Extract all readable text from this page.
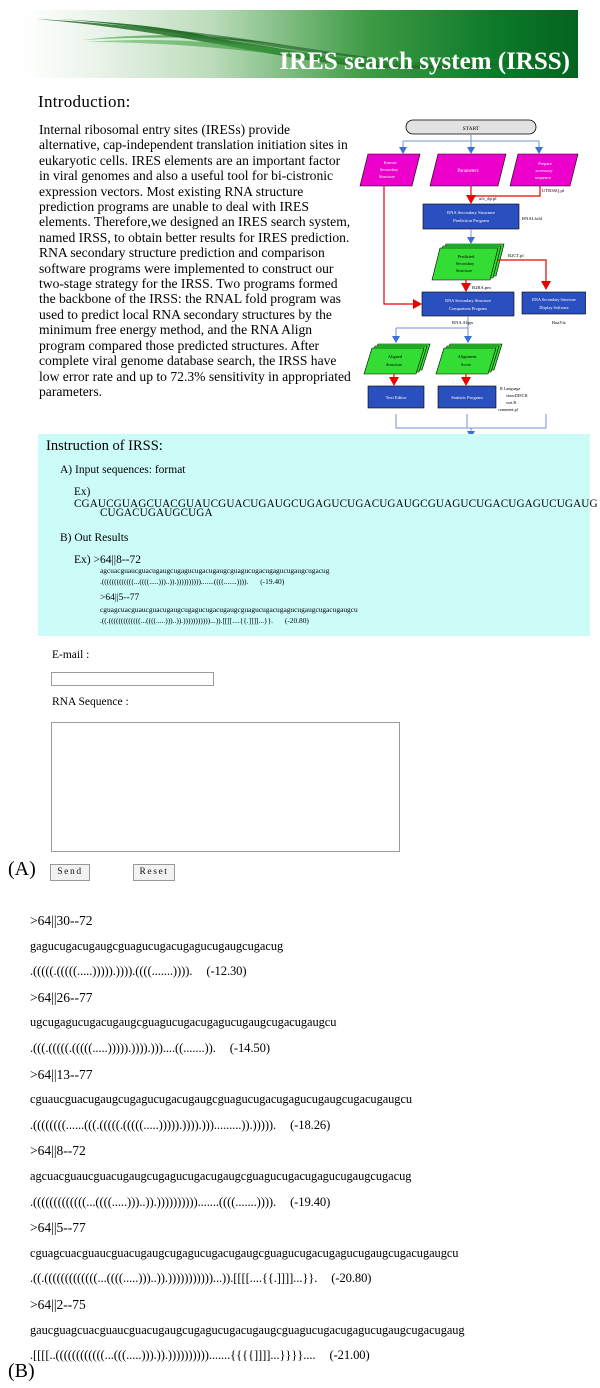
IRES search system (IRSS)
Introduction:
Internal ribosomal entry sites (IRESs) provide alternative, cap-independent translation initiation sites in eukaryotic cells. IRES elements are an important factor in viral genomes and also a useful tool for bi-cistronic expression vectors. Most existing RNA structure prediction programs are unable to deal with IRES elements. Therefore,we designed an IRES search system, named IRSS, to obtain better results for IRES prediction. RNA secondary structure prediction and comparison software programs were implemented to construct our two-stage strategy for the IRSS. Two programs formed the backbone of the IRSS: the RNAL fold program was used to predict local RNA secondary structures by the minimum free energy method, and the RNA Align program compared those predicted structures. After complete viral genome database search, the IRSS have low error rate and up to 72.3% sensitivity in appropriated parameters.
START
Known
Secondary
Structure
Parameters
Prepare
accessory
sequence
ufc_dp.pl
UTR3SQ.pl
RNA Secondary Structure
Prediction Program	RNALfold
Predicted
Secondary
Structure
B2CT.pl
B2RA.pm
RNA Secondary Structure
Comparison Program
RNA Secondary Structure
Display Software
RnaViz
RNA Align
Aligned
Structure
Alignment
Score
Text Editor	Statistic Program
R Language
showDIST.R
sort.R
comment.pl
Instruction of IRSS:
A) Input sequences: format
Ex) CGAUCGUAGCUACGUAUCGUACUGAUGCUGAGUCUGACUGAUGCGUAGUCUGACUGAGUCUGAUG
CUGACUGAUGCUGA
B) Out Results
Ex) >64||8--72
agcuacguaucguacugaugcugagucugacugaugcguagucugacugagucugaugcugacug
.(((((((((((((...((((.....)))..)).)))))))))).......((((.......)))). (-19.40)
>64||5--77
cguagcuacguaucguacugaugcugagucugacugaugcguagucugacugagucugaugcugacugaugcu
.((.(((((((((((((...((((.....)))..)).)))))))))))...)).[[[[....{{.]]]]...}}. (-20.80)
E-mail :
RNA Sequence :
(A)	Send	Reset
>64||30--72
gagucugacugaugcguagucugacugagucugaugcugacug
.(((((.(((((.....))))).)))).((((.......)))). (-12.30)
>64||26--77
ugcugagucugacugaugcguagucugacugagucugaugcugacugaugcu
.(((.(((((.(((((.....))))).)))).)))....((.......)). (-14.50)
>64||13--77
cguaucguacugaugcugagucugacugaugcguagucugacugagucugaugcugacugaugcu
.((((((((......(((.(((((.(((((.....))))).)))).))).........)).))))). (-18.26)
>64||8--72
agcuacguaucguacugaugcugagucugacugaugcguagucugacugagucugaugcugacug
.(((((((((((((...((((.....)))..)).)))))))))).......((((.......)))). (-19.40)
>64||5--77
cguagcuacguaucguacugaugcugagucugacugaugcguagucugacugagucugaugcugacugaugcu
.((.(((((((((((((...((((.....)))..)).)))))))))))...)).[[[[....{{.]]]]...}}. (-20.80)
>64||2--75
gaucguagcuacguaucguacugaugcugagucugacugaugcguagucugacugagucugaugcugacugaug
.[[[[..((((((((((((...(((.....))).)).)))))))))).......{{{{]]]]...}}}}.... (-21.00)
(B)
